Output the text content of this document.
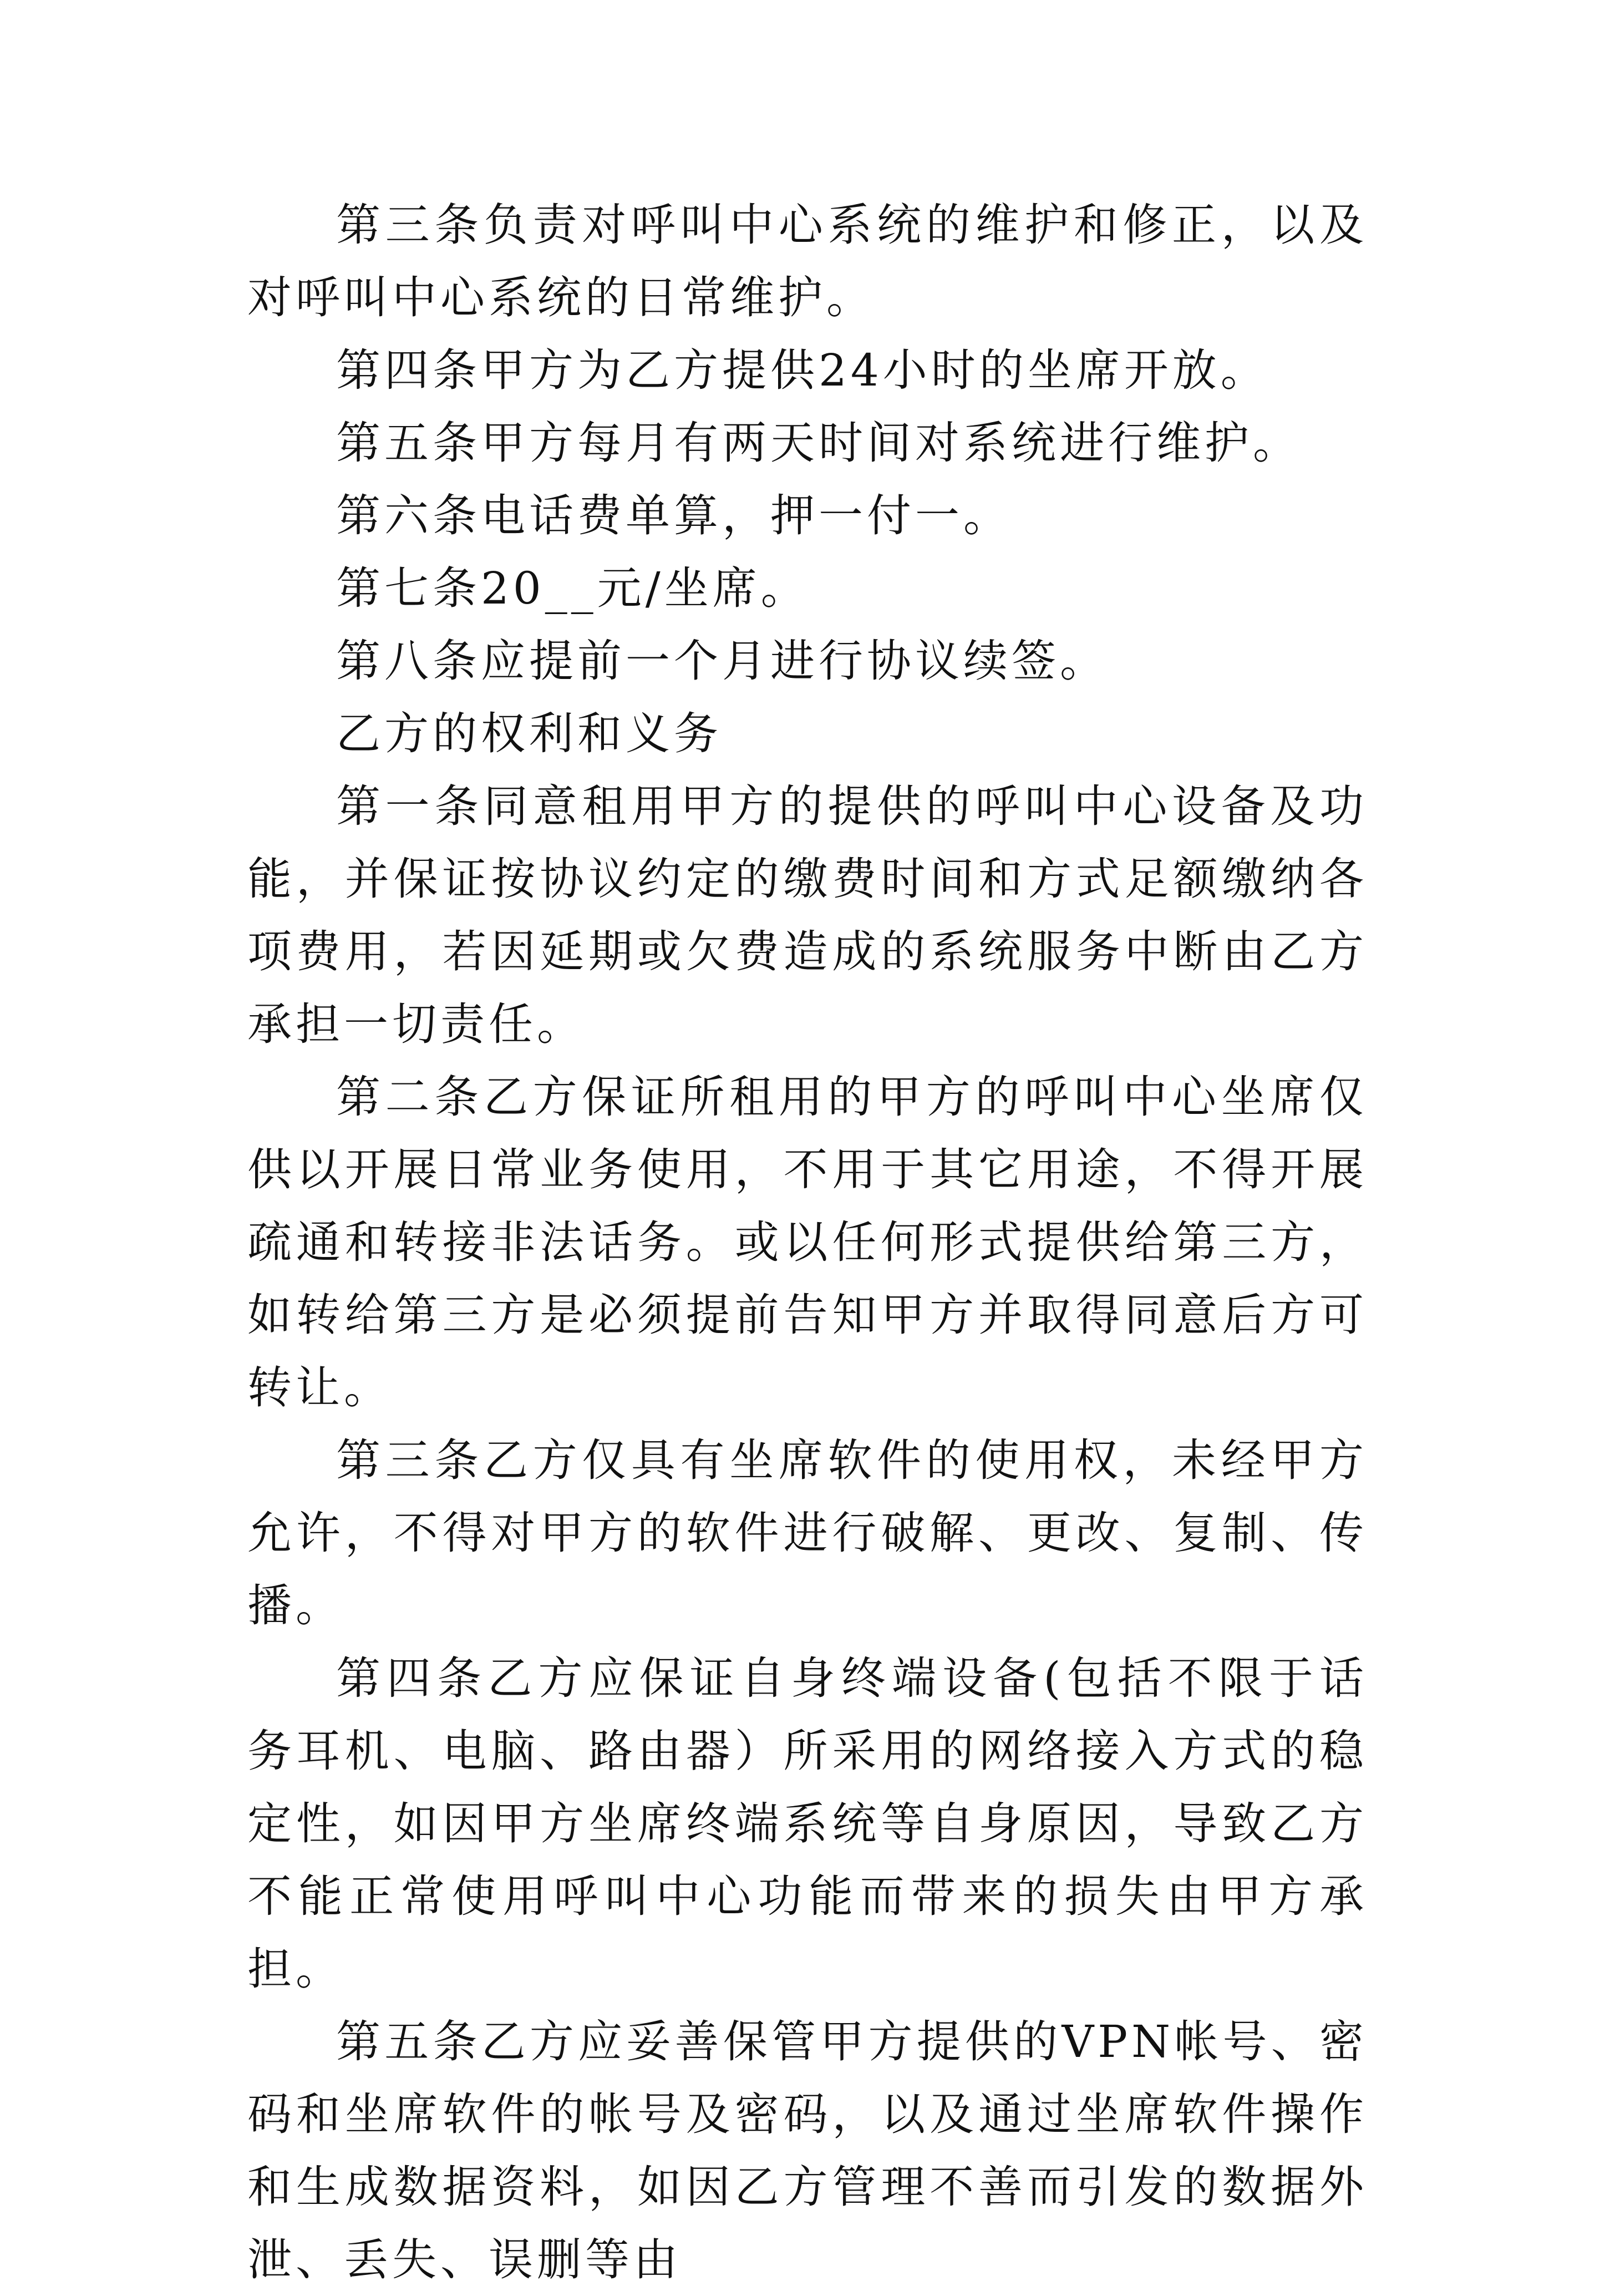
第三条负责对呼叫中心系统的维护和修正，以及对呼叫中心系统的日常维护。

第四条甲方为乙方提供24小时的坐席开放。

第五条甲方每月有两天时间对系统进行维护。

第六条电话费单算，押一付一。

第七条20__元/坐席。

第八条应提前一个月进行协议续签。

乙方的权利和义务

第一条同意租用甲方的提供的呼叫中心设备及功能，并保证按协议约定的缴费时间和方式足额缴纳各项费用，若因延期或欠费造成的系统服务中断由乙方承担一切责任。

第二条乙方保证所租用的甲方的呼叫中心坐席仅供以开展日常业务使用，不用于其它用途，不得开展疏通和转接非法话务。或以任何形式提供给第三方，如转给第三方是必须提前告知甲方并取得同意后方可转让。

第三条乙方仅具有坐席软件的使用权，未经甲方允许，不得对甲方的软件进行破解、更改、复制、传播。

第四条乙方应保证自身终端设备(包括不限于话务耳机、电脑、路由器）所采用的网络接入方式的稳定性，如因甲方坐席终端系统等自身原因，导致乙方不能正常使用呼叫中心功能而带来的损失由甲方承担。

第五条乙方应妥善保管甲方提供的VPN帐号、密码和坐席软件的帐号及密码，以及通过坐席软件操作和生成数据资料，如因乙方管理不善而引发的数据外泄、丢失、误删等由
